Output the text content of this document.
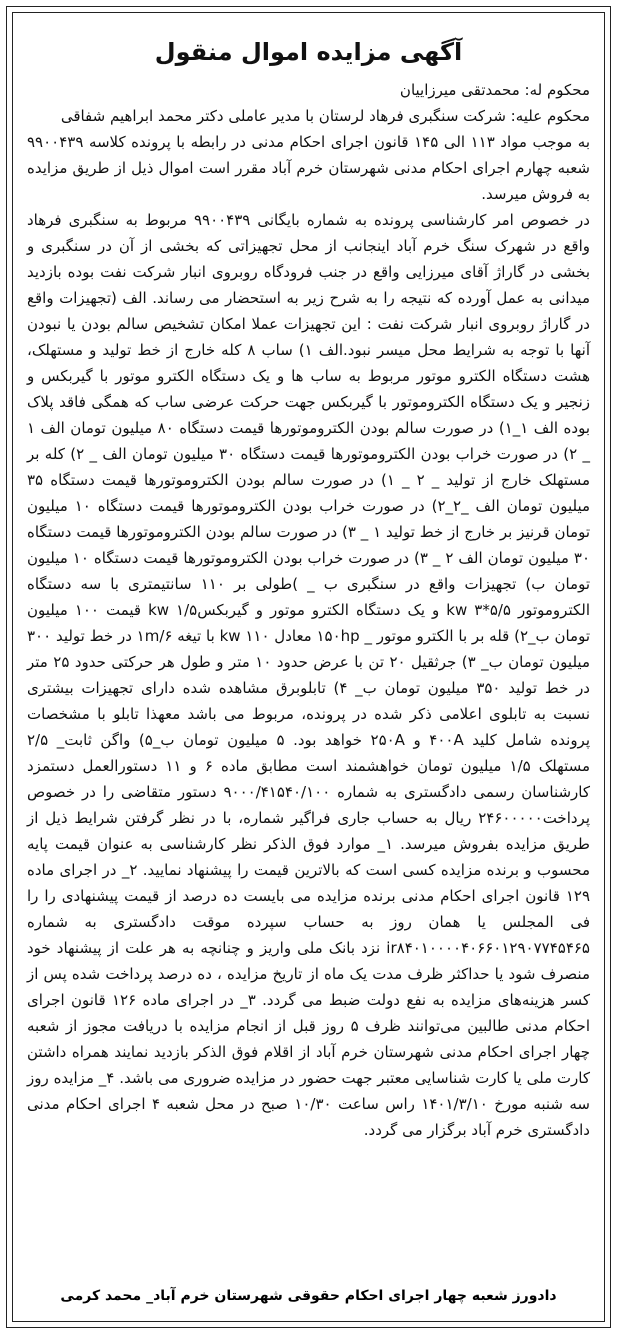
آگهی مزایده اموال منقول
محکوم له: محمدتقی میرزاییان
محکوم علیه: شرکت سنگبری فرهاد لرستان با مدیر عاملی دکتر محمد ابراهیم شفاقی
به موجب مواد ۱۱۳ الی ۱۴۵ قانون اجرای احکام مدنی در رابطه با پرونده کلاسه ۹۹۰۰۴۳۹ شعبه چهارم اجرای احکام مدنی شهرستان خرم آباد مقرر است اموال ذیل از طریق مزایده به فروش میرسد.
در خصوص امر کارشناسی پرونده به شماره بایگانی ۹۹۰۰۴۳۹ مربوط به سنگبری فرهاد واقع در شهرک سنگ خرم آباد اینجانب از محل تجهیزاتی که بخشی از آن در سنگبری و بخشی در گاراژ آقای میرزایی واقع در جنب فرودگاه روبروی انبار شرکت نفت بوده بازدید میدانی به عمل آورده که نتیجه را به شرح زیر به استحضار می رساند. الف (تجهیزات واقع در گاراژ روبروی انبار شرکت نفت : این تجهیزات عملا امکان تشخیص سالم بودن یا نبودن آنها با توجه به شرایط محل میسر نبود.الف ۱) ساب ۸ کله خارج از خط تولید و مستهلک، هشت دستگاه الکترو موتور مربوط به ساب ها و یک دستگاه الکترو موتور با گیربکس و زنجیر و یک دستگاه الکتروموتور با گیربکس جهت حرکت عرضی ساب که همگی فاقد پلاک بوده الف ۱_۱) در صورت سالم بودن الکتروموتورها قیمت دستگاه ۸۰ میلیون تومان الف ۱ _ ۲) در صورت خراب بودن الکتروموتورها قیمت دستگاه ۳۰ میلیون تومان الف _ ۲) کله بر مستهلک خارج از تولید _ ۲ _ ۱) در صورت سالم بودن الکتروموتورها قیمت دستگاه ۳۵ میلیون تومان الف _۲_۲) در صورت خراب بودن الکتروموتورها قیمت دستگاه ۱۰ میلیون تومان قرنیز بر خارج از خط تولید ۱ _ ۳) در صورت سالم بودن الکتروموتورها قیمت دستگاه ۳۰ میلیون تومان الف ۲ _ ۳) در صورت خراب بودن الکتروموتورها قیمت دستگاه ۱۰ میلیون تومان ب) تجهیزات واقع در سنگبری ب _ )طولی بر ۱۱۰ سانتیمتری با سه دستگاه الکتروموتور ۵/۵*۳ kw و یک دستگاه الکترو موتور و گیربکس۱/۵ kw قیمت ۱۰۰ میلیون تومان ب_۲) قله بر با الکترو موتور _ ۱۵۰hp معادل ۱۱۰ kw با تیغه ۱m/۶ در خط تولید ۳۰۰ میلیون تومان ب_ ۳) جرثقیل ۲۰ تن با عرض حدود ۱۰ متر و طول هر حرکتی حدود ۲۵ متر در خط تولید ۳۵۰ میلیون تومان ب_ ۴) تابلوبرق مشاهده شده دارای تجهیزات بیشتری نسبت به تابلوی اعلامی ذکر شده در پرونده، مربوط می باشد معهذا تابلو با مشخصات پرونده شامل کلید ۴۰۰A و ۲۵۰A خواهد بود. ۵ میلیون تومان ب_۵) واگن ثابت_ ۲/۵ مستهلک ۱/۵ میلیون تومان خواهشمند است مطابق ماده ۶ و ۱۱ دستورالعمل دستمزد کارشناسان رسمی دادگستری به شماره ۹۰۰۰/۴۱۵۴۰/۱۰۰ دستور متقاضی را در خصوص پرداخت۲۴۶۰۰۰۰۰ ریال به حساب جاری فراگیر شماره، با در نظر گرفتن شرایط ذیل از طریق مزایده بفروش میرسد. ۱_ موارد فوق الذکر نظر کارشناسی به عنوان قیمت پایه محسوب و برنده مزایده کسی است که بالاترین قیمت را پیشنهاد نمایید. ۲_ در اجرای ماده ۱۲۹ قانون اجرای احکام مدنی برنده مزایده می بایست ده درصد از قیمت پیشنهادی را را فی المجلس یا همان روز به حساب سپرده موقت دادگستری به شماره ir۸۴۰۱۰۰۰۰۴۰۶۶۰۱۲۹۰۷۷۴۵۴۶۵ نزد بانک ملی واریز و چنانچه به هر علت از پیشنهاد خود منصرف شود یا حداکثر ظرف مدت یک ماه از تاریخ مزایده ، ده درصد پرداخت شده پس از کسر هزینه‌های مزایده به نفع دولت ضبط می گردد. ۳_ در اجرای ماده ۱۲۶ قانون اجرای احکام مدنی طالبین می‌توانند ظرف ۵ روز قبل از انجام مزایده با دریافت مجوز از شعبه چهار اجرای احکام مدنی شهرستان خرم آباد از اقلام فوق الذکر بازدید نمایند همراه داشتن کارت ملی یا کارت شناسایی معتبر جهت حضور در مزایده ضروری می باشد. ۴_ مزایده روز سه شنبه مورخ ۱۴۰۱/۳/۱۰ راس ساعت ۱۰/۳۰ صبح در محل شعبه ۴ اجرای احکام مدنی دادگستری خرم آباد برگزار می گردد.
دادورز شعبه چهار اجرای احکام حقوقی شهرستان خرم آباد_ محمد کرمی
